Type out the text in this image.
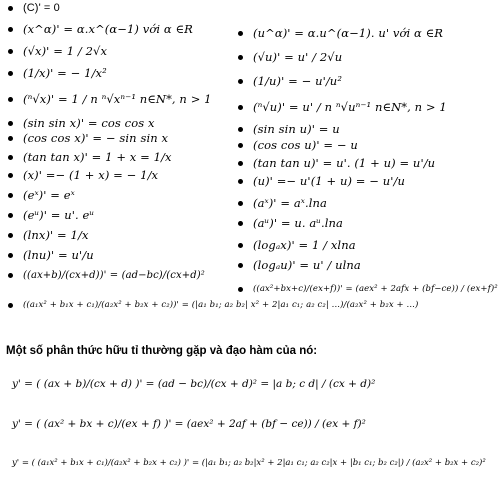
(C)' = 0
(x^α)' = α.x^(α−1) với α ∈R
(√x)' = 1 / 2√x
(1/x)' = − 1/x²
(ⁿ√x)' = 1 / n ⁿ√xⁿ⁻¹ n∈N*, n > 1
(sin sin x)' = cos cos x
(cos cos x)' = − sin sin x
(tan tan x)' = 1 + x = 1/x
(x)' =− (1 + x) = − 1/x
(eˣ)' = eˣ
(eᵘ)' = u'. eᵘ
(lnx)' = 1/x
(lnu)' = u'/u
((ax+b)/(cx+d))' = (ad−bc)/(cx+d)²
((a₁x² + b₁x + c₁)/(a₂x² + b₂x + c₂))' = (|a₁ b₁; a₂ b₂| x² + 2|a₁ c₁; a₂ c₂| ...)/(a₂x² + b₂x + ...)
(u^α)' = α.u^(α−1). u' với α ∈R
(√u)' = u' / 2√u
(1/u)' = − u'/u²
(ⁿ√u)' = u' / n ⁿ√uⁿ⁻¹ n∈N*, n > 1
(sin sin u)' = u
(cos cos u)' = − u
(tan tan u)' = u'. (1 + u) = u'/u
(u)' =− u'(1 + u) = − u'/u
(aˣ)' = aˣ.lna
(aᵘ)' = u. aᵘ.lna
(logₐx)' = 1 / xlna
(logₐu)' = u' / ulna
((ax²+bx+c)/(ex+f))' = (aex² + 2afx + (bf−ce)) / (ex+f)²
Một số phân thức hữu tỉ thường gặp và đạo hàm của nó:
y' = ( (ax + b)/(cx + d) )' = (ad − bc)/(cx + d)² = |a b; c d| / (cx + d)²
y' = ( (ax² + bx + c)/(ex + f) )' = (aex² + 2af + (bf − ce)) / (ex + f)²
y' = ( (a₁x² + b₁x + c₁)/(a₂x² + b₂x + c₂) )' = (|a₁ b₁; a₂ b₂|x² + 2|a₁ c₁; a₂ c₂|x + |b₁ c₁; b₂ c₂|) / (a₂x² + b₂x + c₂)²
